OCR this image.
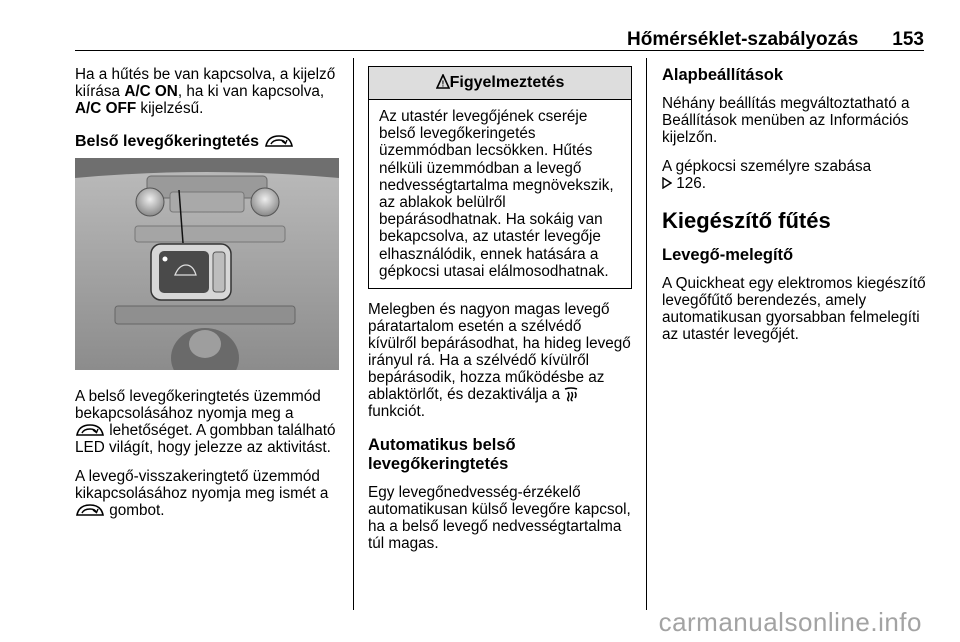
Hőmérséklet-szabályozás 153

Ha a hűtés be van kapcsolva, a kijelző kiírása A/C ON, ha ki van kapcsolva, A/C OFF kijelzésű.

Belső levegőkeringtetés

A belső levegőkeringtetés üzemmód bekapcsolásához nyomja meg a
lehetőséget. A gombban található LED világít, hogy jelezze az aktivitást.

A levegő-visszakeringtető üzemmód kikapcsolásához nyomja meg ismét a
gombot.

! Figyelmeztetés
Az utastér levegőjének cseréje belső levegőkeringetés üzemmódban lecsökken. Hűtés nélküli üzemmódban a levegő nedvességtartalma megnövekszik, az ablakok belülről bepárásodhatnak. Ha sokáig van bekapcsolva, az utastér levegője elhasználódik, ennek hatására a gépkocsi utasai elálmosodhatnak.

Melegben és nagyon magas levegő páratartalom esetén a szélvédő kívülről bepárásodhat, ha hideg levegő irányul rá. Ha a szélvédő kívülről bepárásodik, hozza működésbe az ablaktörlőt, és dezaktiválja a  funkciót.

Automatikus belső levegőkeringtetés

Egy levegőnedvesség-érzékelő automatikusan külső levegőre kapcsol, ha a belső levegő nedvességtartalma túl magas.

Alapbeállítások

Néhány beállítás megváltoztatható a Beállítások menüben az Információs kijelzőn.

A gépkocsi személyre szabása
126.

Kiegészítő fűtés
Levegő-melegítő

A Quickheat egy elektromos kiegészítő levegőfűtő berendezés, amely automatikusan gyorsabban felmelegíti az utastér levegőjét.

carmanualsonline.info
